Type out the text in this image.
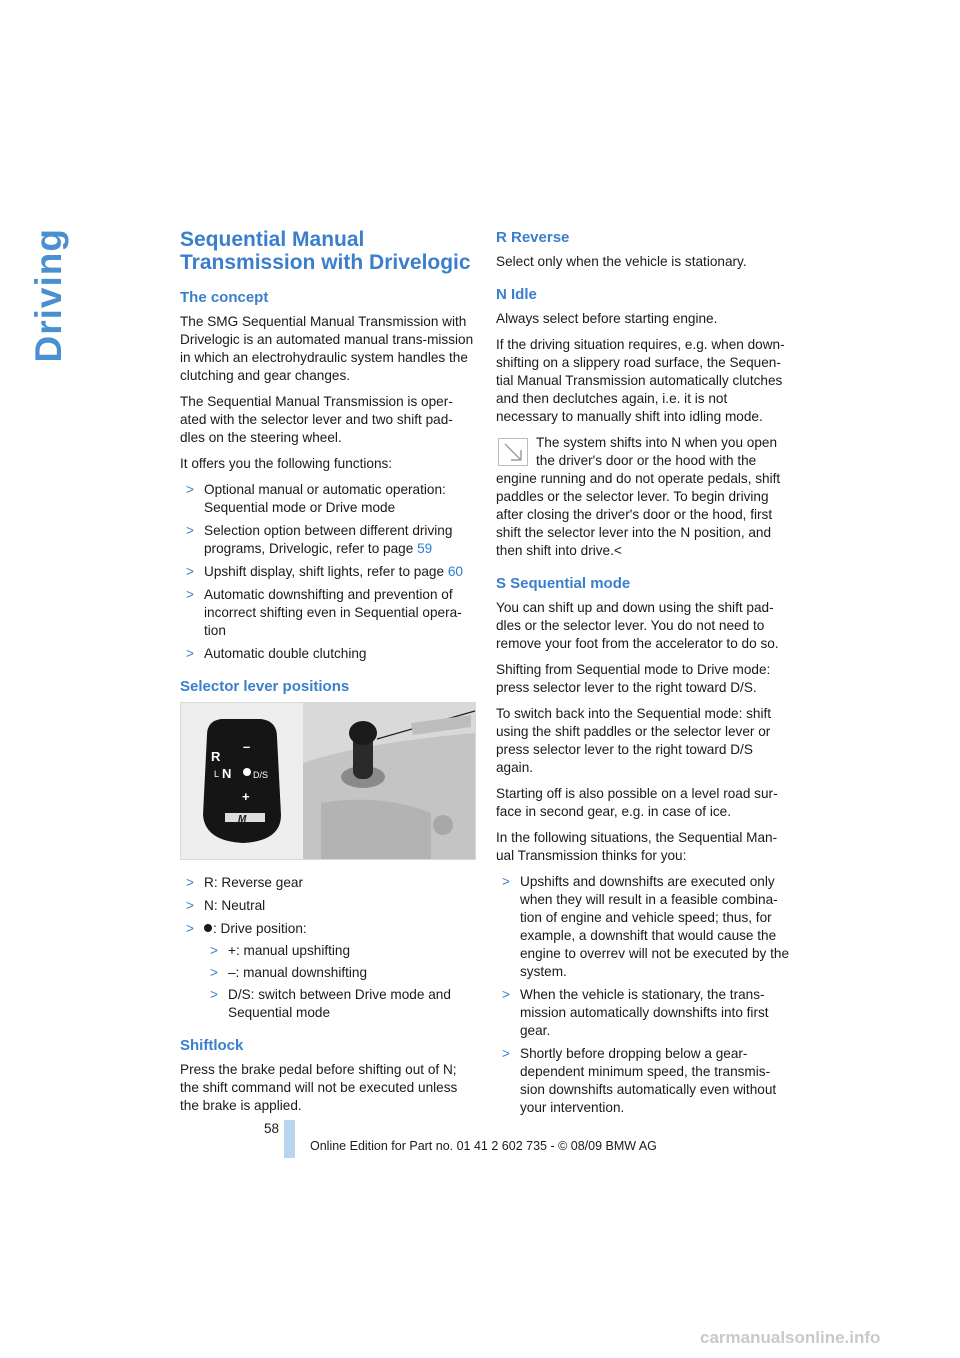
Driving	Sequential Manual Transmission with Drivelogic
The concept

The SMG Sequential Manual Transmission with Drivelogic is an automated manual trans-mission in which an electrohydraulic system handles the clutching and gear changes.

The Sequential Manual Transmission is oper-ated with the selector lever and two shift pad-dles on the steering wheel.

It offers you the following functions:

> Optional manual or automatic operation: Sequential mode or Drive mode
> Selection option between different driving programs, Drivelogic, refer to page 59
> Upshift display, shift lights, refer to page 60
> Automatic downshifting and prevention of incorrect shifting even in Sequential opera-tion
> Automatic double clutching
Selector lever positions
R
L N
–
D/S
+
M
> R: Reverse gear
> N: Neutral
> : Drive position:
> +: manual upshifting
> –: manual downshifting
> D/S: switch between Drive mode and Sequential mode
Shiftlock

Press the brake pedal before shifting out of N; the shift command will not be executed unless the brake is applied.

R Reverse

Select only when the vehicle is stationary.

N Idle

Always select before starting engine.

If the driving situation requires, e.g. when down-shifting on a slippery road surface, the Sequen-tial Manual Transmission automatically clutches and then declutches again, i.e. it is not necessary to manually shift into idling mode.

The system shifts into N when you open the driver's door or the hood with the engine running and do not operate pedals, shift paddles or the selector lever. To begin driving after closing the driver's door or the hood, first shift the selector lever into the N position, and then shift into drive.<
S Sequential mode

You can shift up and down using the shift pad-dles or the selector lever. You do not need to remove your foot from the accelerator to do so.

Shifting from Sequential mode to Drive mode: press selector lever to the right toward D/S.

To switch back into the Sequential mode: shift using the shift paddles or the selector lever or press selector lever to the right toward D/S again.

Starting off is also possible on a level road sur-face in second gear, e.g. in case of ice.

In the following situations, the Sequential Man-ual Transmission thinks for you:

> Upshifts and downshifts are executed only when they will result in a feasible combina-tion of engine and vehicle speed; thus, for example, a downshift that would cause the engine to overrev will not be executed by the system.
> When the vehicle is stationary, the trans-mission automatically downshifts into first gear.
> Shortly before dropping below a gear-dependent minimum speed, the transmis-sion downshifts automatically even without your intervention.
58
Online Edition for Part no. 01 41 2 602 735 - © 08/09 BMW AG
carmanualsonline.info
